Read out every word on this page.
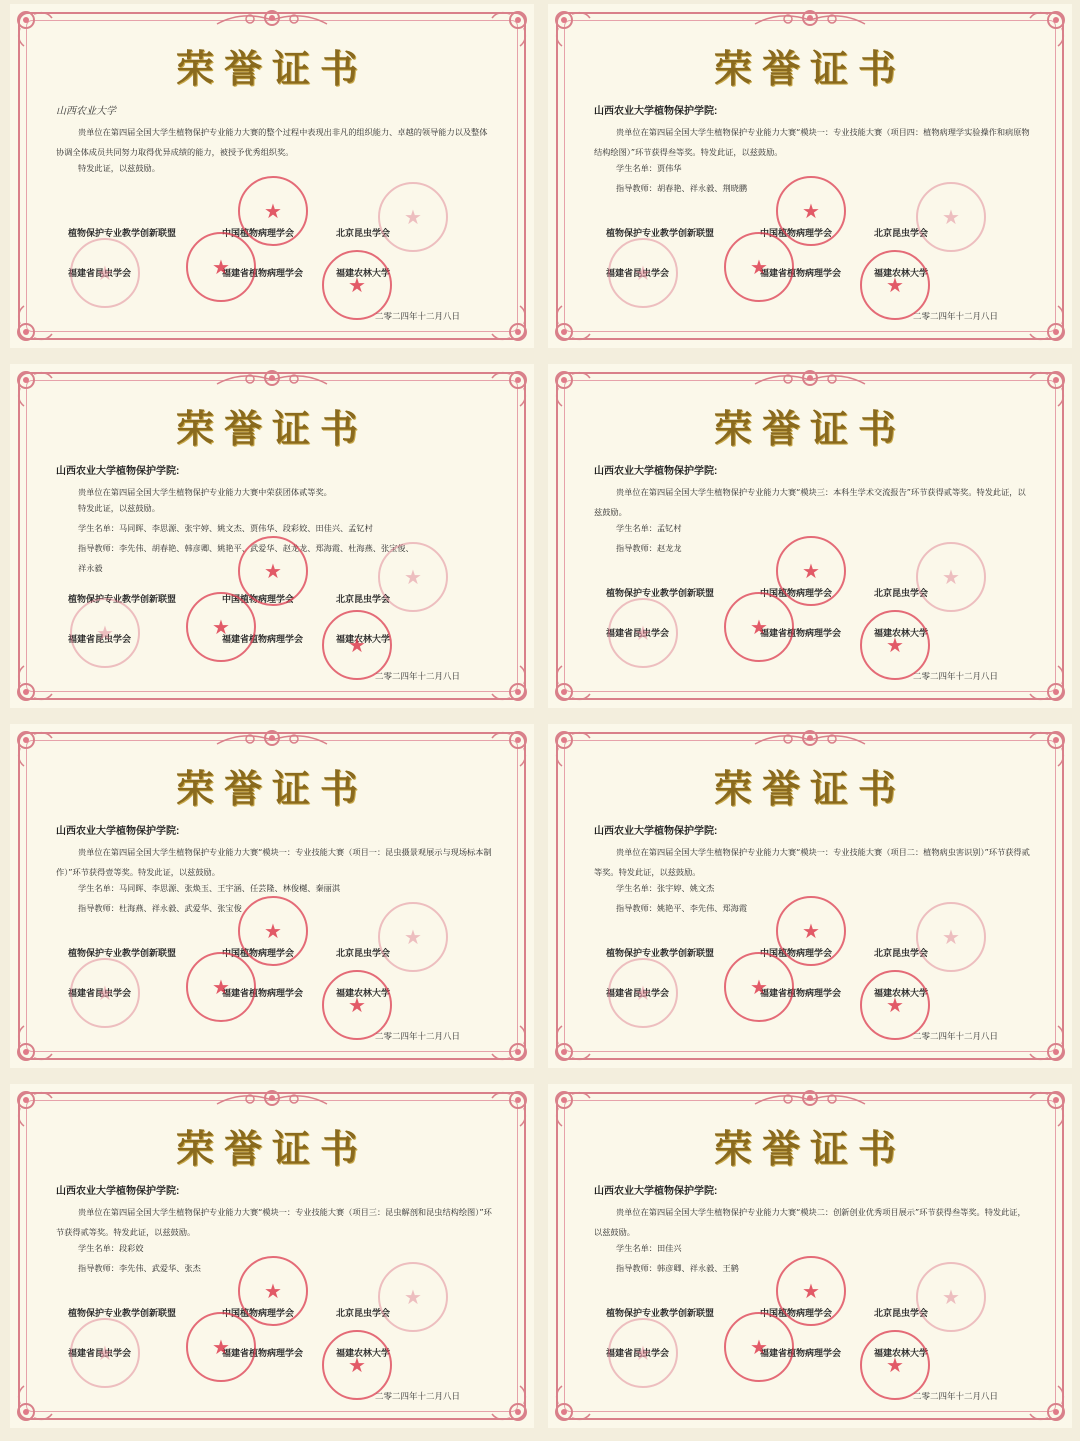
荣誉证书
山西农业大学
贵单位在第四届全国大学生植物保护专业能力大赛的整个过程中表现出非凡的组织能力、卓越的领导能力以及整体协调全体成员共同努力取得优异成绩的能力，被授予优秀组织奖。
特发此证，以兹鼓励。
植物保护专业教学创新联盟	中国植物病理学会	北京昆虫学会
福建省昆虫学会	福建省植物病理学会	福建农林大学
★
★
★
★
★
二零二四年十二月八日
荣誉证书
山西农业大学植物保护学院:
贵单位在第四届全国大学生植物保护专业能力大赛“模块一：专业技能大赛（项目四：植物病理学实验操作和病原物结构绘图）”环节获得叁等奖。特发此证，以兹鼓励。
学生名单：贾伟华
指导教师：胡春艳、祥永毅、荆晓鹏
植物保护专业教学创新联盟	中国植物病理学会	北京昆虫学会
福建省昆虫学会	福建省植物病理学会	福建农林大学
★
★
★
★
★
二零二四年十二月八日
荣誉证书
山西农业大学植物保护学院:
贵单位在第四届全国大学生植物保护专业能力大赛中荣获团体贰等奖。
特发此证，以兹鼓励。
学生名单：马同晖、李思源、张宇婷、姚文杰、贾伟华、段彩姣、田佳兴、孟钇村
指导教师：李先伟、胡春艳、韩彦卿、姚艳平、武爱华、赵龙龙、郑海霞、杜海燕、张宝俊、
祥永毅
植物保护专业教学创新联盟	中国植物病理学会	北京昆虫学会
福建省昆虫学会	福建省植物病理学会	福建农林大学
★
★
★
★
★
二零二四年十二月八日
荣誉证书
山西农业大学植物保护学院:
贵单位在第四届全国大学生植物保护专业能力大赛“模块三：本科生学术交流报告”环节获得贰等奖。特发此证，以兹鼓励。
学生名单：孟钇村
指导教师：赵龙龙
植物保护专业教学创新联盟	中国植物病理学会	北京昆虫学会
福建省昆虫学会	福建省植物病理学会	福建农林大学
★
★
★
★
★
二零二四年十二月八日
荣誉证书
山西农业大学植物保护学院:
贵单位在第四届全国大学生植物保护专业能力大赛“模块一：专业技能大赛（项目一：昆虫摄景观展示与现场标本制作）”环节获得壹等奖。特发此证，以兹鼓励。
学生名单：马同晖、李思源、张焕玉、王宇涵、任芸隆、林俊樾、秦丽淇
指导教师：杜海燕、祥永毅、武爱华、张宝俊
植物保护专业教学创新联盟	中国植物病理学会	北京昆虫学会
福建省昆虫学会	福建省植物病理学会	福建农林大学
★
★
★
★
★
二零二四年十二月八日
荣誉证书
山西农业大学植物保护学院:
贵单位在第四届全国大学生植物保护专业能力大赛“模块一：专业技能大赛（项目二：植物病虫害识别）”环节获得贰等奖。特发此证，以兹鼓励。
学生名单：张宇婷、姚文杰
指导教师：姚艳平、李先伟、郑海霞
植物保护专业教学创新联盟	中国植物病理学会	北京昆虫学会
福建省昆虫学会	福建省植物病理学会	福建农林大学
★
★
★
★
★
二零二四年十二月八日
荣誉证书
山西农业大学植物保护学院:
贵单位在第四届全国大学生植物保护专业能力大赛“模块一：专业技能大赛（项目三：昆虫解剖和昆虫结构绘图）”环节获得贰等奖。特发此证，以兹鼓励。
学生名单：段彩姣
指导教师：李先伟、武爱华、张杰
植物保护专业教学创新联盟	中国植物病理学会	北京昆虫学会
福建省昆虫学会	福建省植物病理学会	福建农林大学
★
★
★
★
★
二零二四年十二月八日
荣誉证书
山西农业大学植物保护学院:
贵单位在第四届全国大学生植物保护专业能力大赛“模块二：创新创业优秀项目展示”环节获得叁等奖。特发此证，以兹鼓励。
学生名单：田佳兴
指导教师：韩彦卿、祥永毅、王鹤
植物保护专业教学创新联盟	中国植物病理学会	北京昆虫学会
福建省昆虫学会	福建省植物病理学会	福建农林大学
★
★
★
★
★
二零二四年十二月八日
